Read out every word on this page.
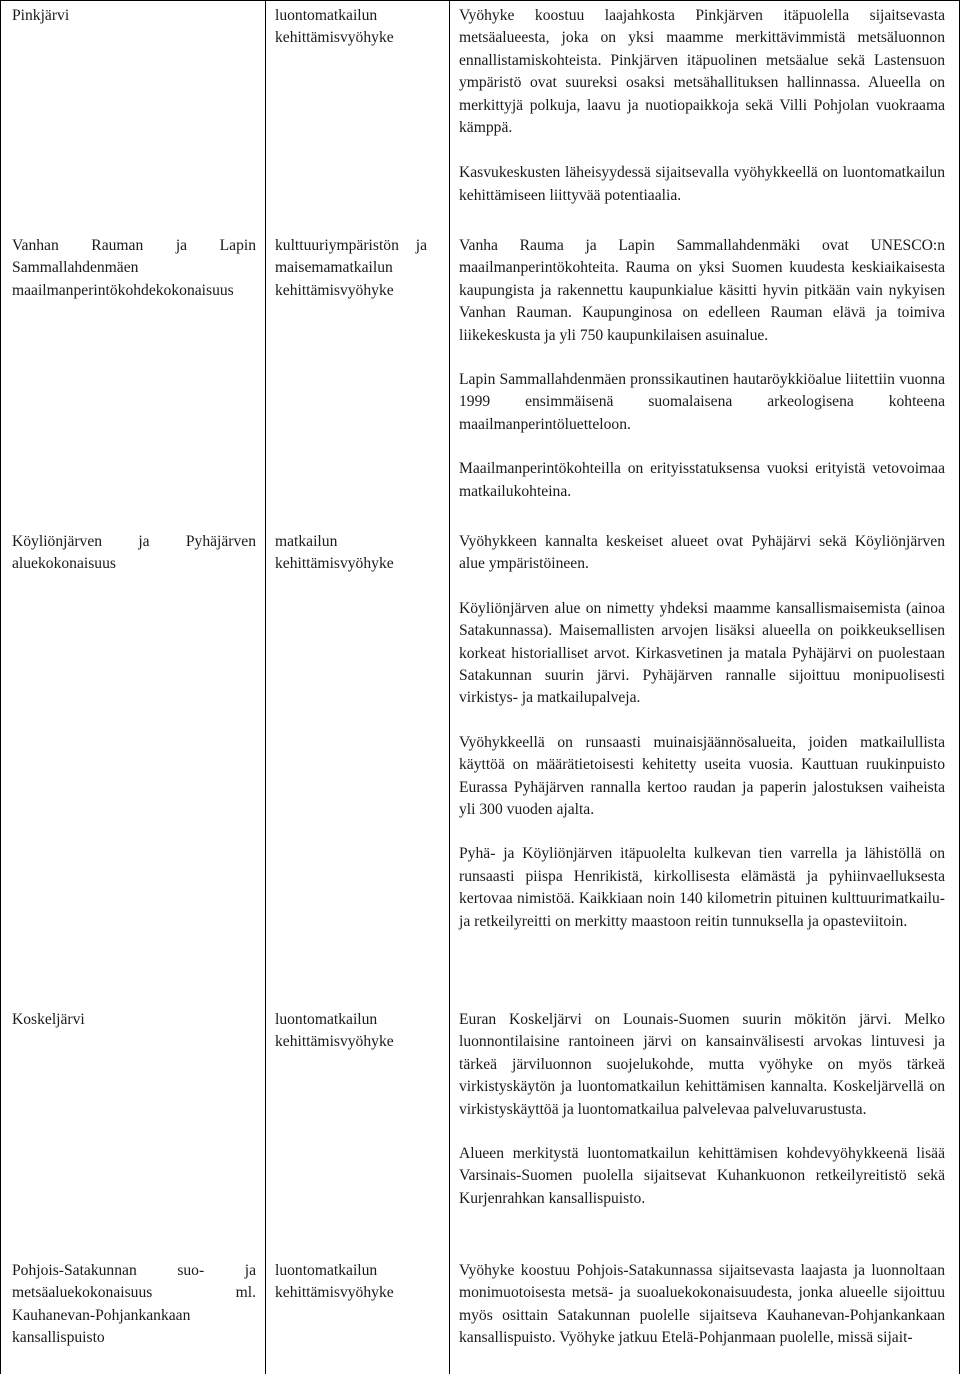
Pinkjärvi	luontomatkailun kehittämisvyöhyke

Vyöhyke koostuu laajahkosta Pinkjärven itäpuolella sijaitsevasta metsäalueesta, joka on yksi maamme merkittävimmistä metsäluonnon ennallistamiskohteista. Pinkjärven itäpuolinen metsäalue sekä Lastensuon ympäristö ovat suureksi osaksi metsähallituksen hallinnassa. Alueella on merkittyjä polkuja, laavu ja nuotiopaikkoja sekä Villi Pohjolan vuokraama kämppä.

Kasvukeskusten läheisyydessä sijaitsevalla vyöhykkeellä on luontomatkailun kehittämiseen liittyvää potentiaalia.

Vanhan Rauman ja Lapin Sammallahdenmäen maailmanperintökohdekokonaisuus
kulttuuriympäristön ja maisemamatkailun kehittämisvyöhyke

Vanha Rauma ja Lapin Sammallahdenmäki ovat UNESCO:n maailmanperintökohteita. Rauma on yksi Suomen kuudesta keskiaikaisesta kaupungista ja rakennettu kaupunkialue käsitti hyvin pitkään vain nykyisen Vanhan Rauman. Kaupunginosa on edelleen Rauman elävä ja toimiva liikekeskusta ja yli 750 kaupunkilaisen asuinalue.

Lapin Sammallahdenmäen pronssikautinen hautaröykkiöalue liitettiin vuonna 1999 ensimmäisenä suomalaisena arkeologisena kohteena maailmanperintöluetteloon.

Maailmanperintökohteilla on erityisstatuksensa vuoksi erityistä vetovoimaa matkailukohteina.

Köyliönjärven ja Pyhäjärven aluekokonaisuus
matkailun kehittämisvyöhyke

Vyöhykkeen kannalta keskeiset alueet ovat Pyhäjärvi sekä Köyliönjärven alue ympäristöineen.

Köyliönjärven alue on nimetty yhdeksi maamme kansallismaisemista (ainoa Satakunnassa). Maisemallisten arvojen lisäksi alueella on poikkeuksellisen korkeat historialliset arvot. Kirkasvetinen ja matala Pyhäjärvi on puolestaan Satakunnan suurin järvi. Pyhäjärven rannalle sijoittuu monipuolisesti virkistys- ja matkailupalveja.

Vyöhykkeellä on runsaasti muinaisjäännösalueita, joiden matkailullista käyttöä on määrätietoisesti kehitetty useita vuosia. Kauttuan ruukinpuisto Eurassa Pyhäjärven rannalla kertoo raudan ja paperin jalostuksen vaiheista yli 300 vuoden ajalta.

Pyhä- ja Köyliönjärven itäpuolelta kulkevan tien varrella ja lähistöllä on runsaasti piispa Henrikistä, kirkollisesta elämästä ja pyhiinvaelluksesta kertovaa nimistöä. Kaikkiaan noin 140 kilometrin pituinen kulttuurimatkailu- ja retkeilyreitti on merkitty maastoon reitin tunnuksella ja opasteviitoin.

Koskeljärvi	luontomatkailun kehittämisvyöhyke

Euran Koskeljärvi on Lounais-Suomen suurin mökitön järvi. Melko luonnontilaisine rantoineen järvi on kansainvälisesti arvokas lintuvesi ja tärkeä järviluonnon suojelukohde, mutta vyöhyke on myös tärkeä virkistyskäytön ja luontomatkailun kehittämisen kannalta. Koskeljärvellä on virkistyskäyttöä ja luontomatkailua palvelevaa palveluvarustusta.

Alueen merkitystä luontomatkailun kehittämisen kohdevyöhykkeenä lisää Varsinais-Suomen puolella sijaitsevat Kuhankuonon retkeilyreitistö sekä Kurjenrahkan kansallispuisto.

Pohjois-Satakunnan suo- ja metsäaluekokonaisuus ml. Kauhanevan-Pohjankankaan kansallispuisto
luontomatkailun kehittämisvyöhyke

Vyöhyke koostuu Pohjois-Satakunnassa sijaitsevasta laajasta ja luonnoltaan monimuotoisesta metsä- ja suoaluekokonaisuudesta, jonka alueelle sijoittuu myös osittain Satakunnan puolelle sijaitseva Kauhanevan-Pohjankankaan kansallispuisto. Vyöhyke jatkuu Etelä-Pohjanmaan puolelle, missä sijait-
